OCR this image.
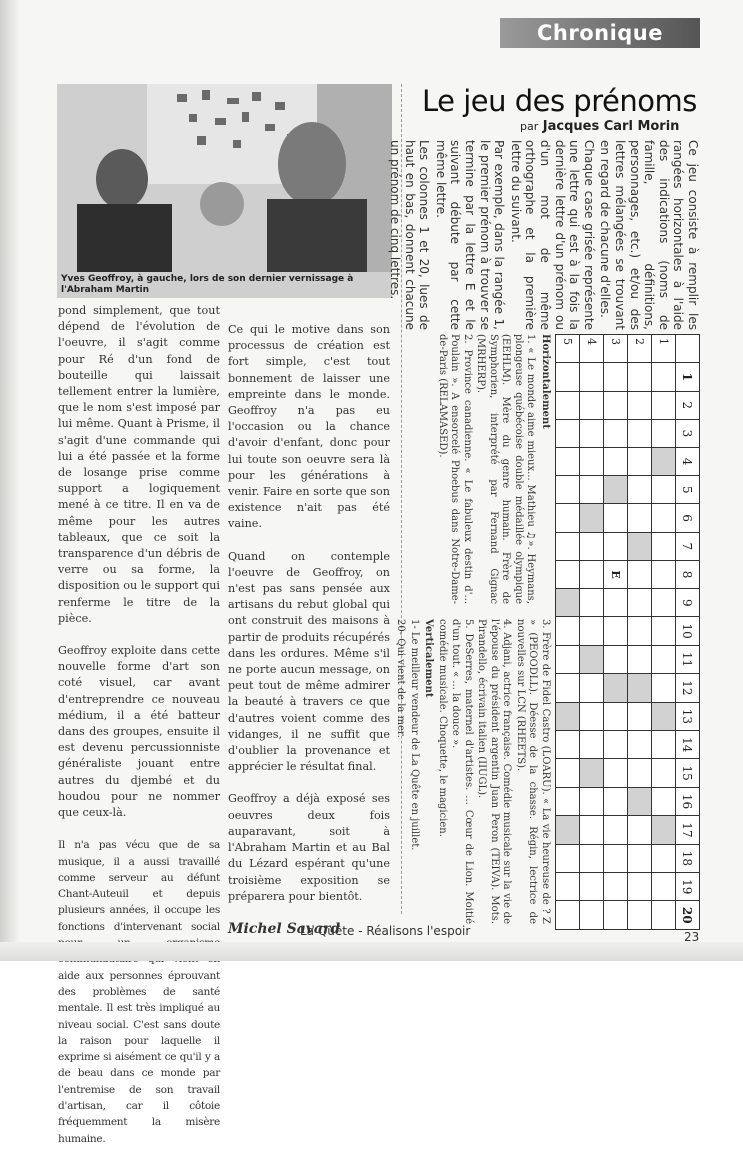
Chronique
Yves Geoffroy, à gauche, lors de son dernier vernissage à l'Abraham Martin

pond simplement, que tout dépend de l'évolution de l'oeuvre, il s'agit comme pour Ré d'un fond de bouteille qui laissait tellement entrer la lumière, que le nom s'est imposé par lui même. Quant à Prisme, il s'agit d'une commande qui lui a été passée et la forme de losange prise comme support a logiquement mené à ce titre. Il en va de même pour les autres tableaux, que ce soit la transparence d'un débris de verre ou sa forme, la disposition ou le support qui renferme le titre de la pièce.

Geoffroy exploite dans cette nouvelle forme d'art son coté visuel, car avant d'entreprendre ce nouveau médium, il a été batteur dans des groupes, ensuite il est devenu percussionniste généraliste jouant entre autres du djembé et du houdou pour ne nommer que ceux-là.

Il n'a pas vécu que de sa musique, il a aussi travaillé comme serveur au défunt Chant-Auteuil et depuis plusieurs années, il occupe les fonctions d'intervenant social aide aux personnes éprouvant des problèmes de santé mentale. Il est très impliqué au niveau social. C'est sans doute la raison pour laquelle il exprime si aisément ce qu'il y a de beau dans ce monde par l'entremise de son travail d'artisan, car il côtoie fréquemment la misère humaine.

Ce qui le motive dans son processus de création est fort simple, c'est tout bonnement de laisser une empreinte dans le monde. Geoffroy n'a pas eu l'occasion ou la chance d'avoir d'enfant, donc pour lui toute son oeuvre sera là pour les générations à venir. Faire en sorte que son existence n'ait pas été vaine.

Quand on contemple l'oeuvre de Geoffroy, on n'est pas sans pensée aux artisans du rebut global qui ont construit des maisons à partir de produits récupérés dans les ordures. Même s'il ne porte aucun message, on peut tout de même admirer la beauté à travers ce que d'autres voient comme des vidanges, il ne suffit que d'oublier la provenance et apprécier le résultat final.

Geoffroy a déjà exposé ses oeuvres deux fois auparavant, soit à l'Abraham Martin et au Bal du Lézard espérant qu'une troisième exposition se préparera pour bientôt.

Michel Savard
Le jeu des prénoms
par Jacques Carl Morin

Ce jeu consiste à remplir les rangées horizontales à l'aide des indications (noms de famille, définitions, personnages, etc.) et/ou des lettres mélangées se trouvant en regard de chacune d'elles.

Chaque case grisée représente une lettre qui est à la fois la dernière lettre d'un prénom ou d'un mot de même orthographe et la première lettre du suivant.

Par exemple, dans la rangée 1, le premier prénom à trouver se termine par la lettre E et le suivant débute par cette même lettre.

Les colonnes 1 et 20, lues de haut en bas, donnent chacune un prénom de cinq lettres.

	1	2	3	4	5	6	7	8	9	10	11	12	13	14	15	16	17	18	19	20
1																				
2																				
3								E												
4																				
5																				
Horizontalement

1. « Le monde aime mieux... Mathieu ♫». Heymans, plongeuse québécoise double médaillée olympique (EEHLM). Mère du genre humain. Frère de Symphorien, interprété par Fernand Gignac (MRHERP).

2. Province canadienne. « Le fabuleux destin d'... Poulain ». A ensorcelé Phoebus dans Notre-Dame-de-Paris (RELAMASED).

3. Frère de Fidel Castro (LOARU). « La vie heureuse de ? Z » (PEOODLL). Déesse de la chasse. Régin, lectrice de nouvelles sur LCN (RHEETS).

4. Adjani, actrice française. Comédie musicale sur la vie de l'épouse du président argentin Juan Peron (TEIVA). Mots. Pirandello, écrivain italien (IIUGL).

5. DeSerres, maternel d'artistes. ... Cœur de Lion. Moitié d'un tout. « ... la douce ».

comédie musicale. Choquette, le magicien.

Verticalement

1- Le meilleur vendeur de La Quête en juillet.

20- Qui vient de la mer.

La Quête - Réalisons l'espoir	23
